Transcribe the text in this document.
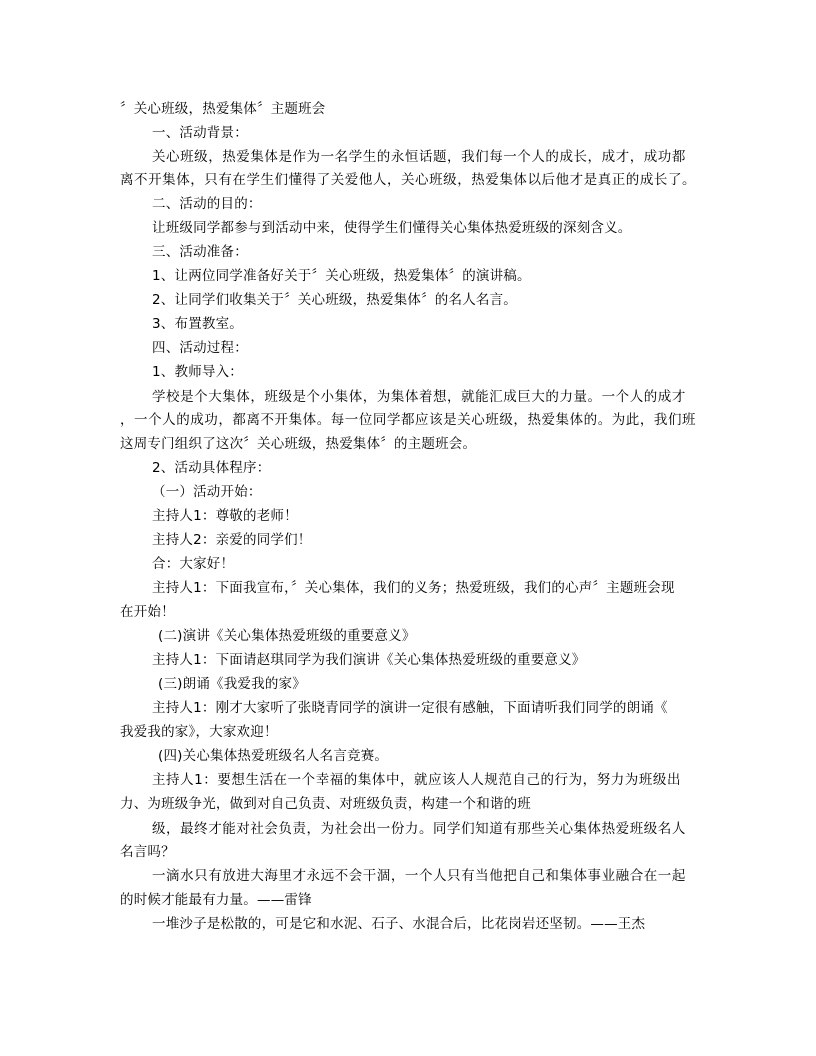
〞关心班级，热爱集体〞主题班会
一、活动背景：
关心班级，热爱集体是作为一名学生的永恒话题，我们每一个人的成长，成才，成功都
离不开集体，只有在学生们懂得了关爱他人，关心班级，热爱集体以后他才是真正的成长了。
二、活动的目的：
让班级同学都参与到活动中来，使得学生们懂得关心集体热爱班级的深刻含义。
三、活动准备：
1、让两位同学准备好关于〞关心班级，热爱集体〞的演讲稿。
2、让同学们收集关于〞关心班级，热爱集体〞的名人名言。
3、布置教室。
四、活动过程：
1、教师导入：
学校是个大集体，班级是个小集体，为集体着想，就能汇成巨大的力量。一个人的成才
，一个人的成功，都离不开集体。每一位同学都应该是关心班级，热爱集体的。为此，我们班
这周专门组织了这次〞关心班级，热爱集体〞的主题班会。
2、活动具体程序：
（一）活动开始：
主持人1：尊敬的老师！
主持人2：亲爱的同学们！
合：大家好！
主持人1：下面我宣布，〞关心集体，我们的义务；热爱班级，我们的心声〞主题班会现
在开始！
(二)演讲《关心集体热爱班级的重要意义》
主持人1：下面请赵琪同学为我们演讲《关心集体热爱班级的重要意义》
(三)朗诵《我爱我的家》
主持人1：刚才大家听了张晓青同学的演讲一定很有感触，下面请听我们同学的朗诵《
我爱我的家》，大家欢迎！
(四)关心集体热爱班级名人名言竞赛。
主持人1：要想生活在一个幸福的集体中，就应该人人规范自己的行为，努力为班级出
力、为班级争光，做到对自己负责、对班级负责，构建一个和谐的班
级，最终才能对社会负责，为社会出一份力。同学们知道有那些关心集体热爱班级名人
名言吗？
一滴水只有放进大海里才永远不会干涸，一个人只有当他把自己和集体事业融合在一起
的时候才能最有力量。——雷锋
一堆沙子是松散的，可是它和水泥、石子、水混合后，比花岗岩还坚韧。——王杰
